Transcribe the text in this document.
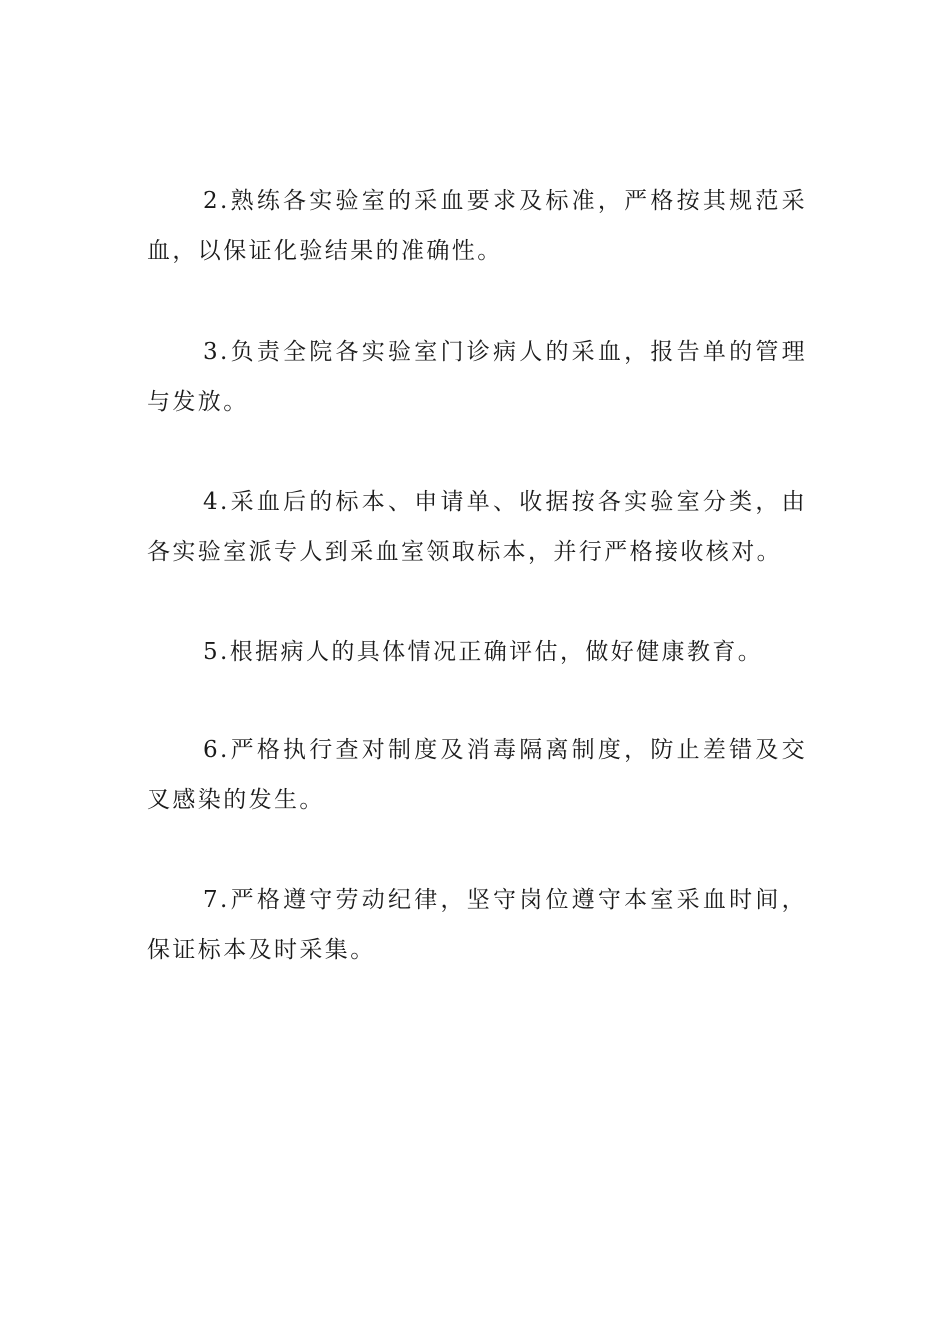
2.熟练各实验室的采血要求及标准，严格按其规范采血，以保证化验结果的准确性。

3.负责全院各实验室门诊病人的采血，报告单的管理与发放。

4.采血后的标本、申请单、收据按各实验室分类，由各实验室派专人到采血室领取标本，并行严格接收核对。

5.根据病人的具体情况正确评估，做好健康教育。

6.严格执行查对制度及消毒隔离制度，防止差错及交叉感染的发生。

7.严格遵守劳动纪律，坚守岗位遵守本室采血时间，保证标本及时采集。
